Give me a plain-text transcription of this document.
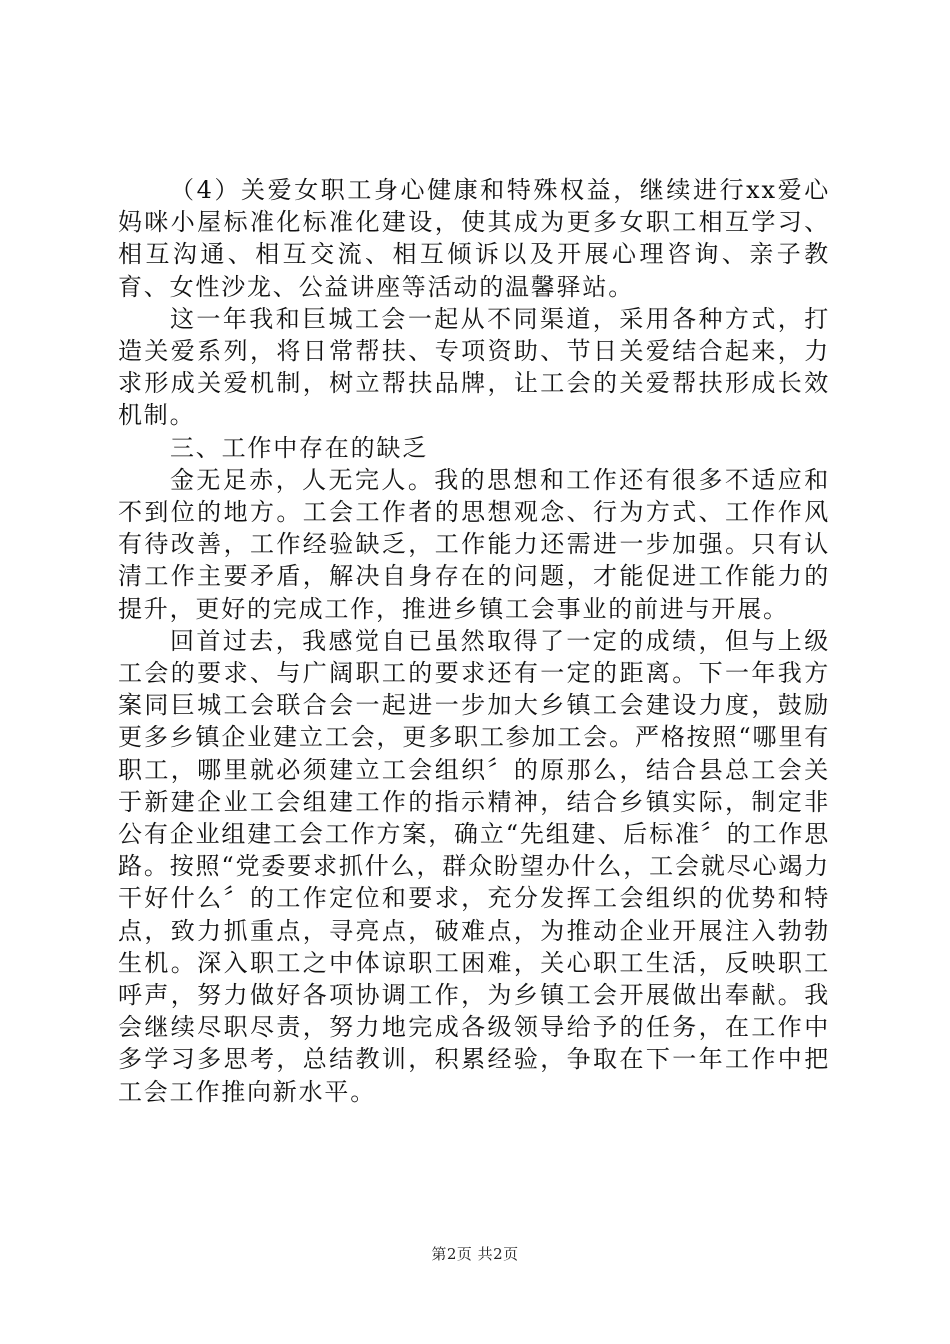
（4）关爱女职工身心健康和特殊权益，继续进行xx爱心妈咪小屋标准化标准化建设，使其成为更多女职工相互学习、相互沟通、相互交流、相互倾诉以及开展心理咨询、亲子教育、女性沙龙、公益讲座等活动的温馨驿站。

这一年我和巨城工会一起从不同渠道，采用各种方式，打造关爱系列，将日常帮扶、专项资助、节日关爱结合起来，力求形成关爱机制，树立帮扶品牌，让工会的关爱帮扶形成长效机制。

三、工作中存在的缺乏

金无足赤，人无完人。我的思想和工作还有很多不适应和不到位的地方。工会工作者的思想观念、行为方式、工作作风有待改善，工作经验缺乏，工作能力还需进一步加强。只有认清工作主要矛盾，解决自身存在的问题，才能促进工作能力的提升，更好的完成工作，推进乡镇工会事业的前进与开展。

回首过去，我感觉自已虽然取得了一定的成绩，但与上级工会的要求、与广阔职工的要求还有一定的距离。下一年我方案同巨城工会联合会一起进一步加大乡镇工会建设力度，鼓励更多乡镇企业建立工会，更多职工参加工会。严格按照“哪里有职工，哪里就必须建立工会组织〞的原那么，结合县总工会关于新建企业工会组建工作的指示精神，结合乡镇实际，制定非公有企业组建工会工作方案，确立“先组建、后标准〞的工作思路。按照“党委要求抓什么，群众盼望办什么，工会就尽心竭力干好什么〞的工作定位和要求，充分发挥工会组织的优势和特点，致力抓重点，寻亮点，破难点，为推动企业开展注入勃勃生机。深入职工之中体谅职工困难，关心职工生活，反映职工呼声，努力做好各项协调工作，为乡镇工会开展做出奉献。我会继续尽职尽责，努力地完成各级领导给予的任务，在工作中多学习多思考，总结教训，积累经验，争取在下一年工作中把工会工作推向新水平。

第2页 共2页
